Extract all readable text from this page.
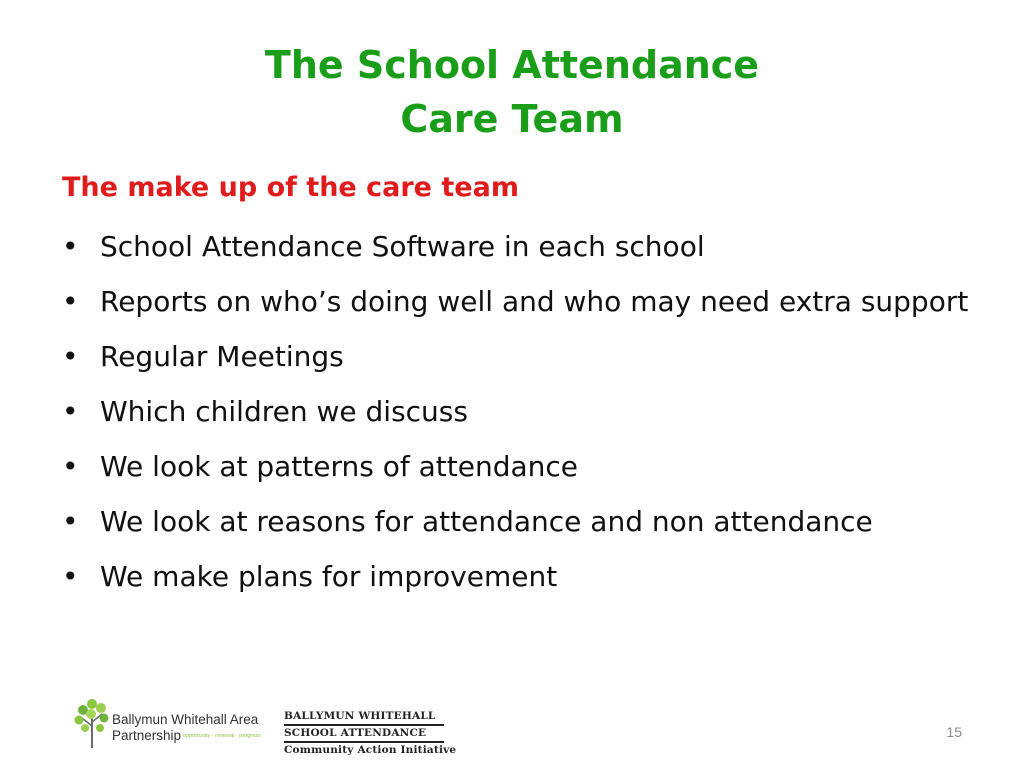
The School Attendance
Care Team
The make up of the care team
• School Attendance Software in each school
• Reports on who’s doing well and who may need extra support
• Regular Meetings
• Which children we discuss
• We look at patterns of attendance
• We look at reasons for attendance and non attendance
• We make plans for improvement
Ballymun Whitehall Area
Partnership opportunity · renewal · progress
BALLYMUN WHITEHALL
SCHOOL ATTENDANCE
Community Action Initiative
15
